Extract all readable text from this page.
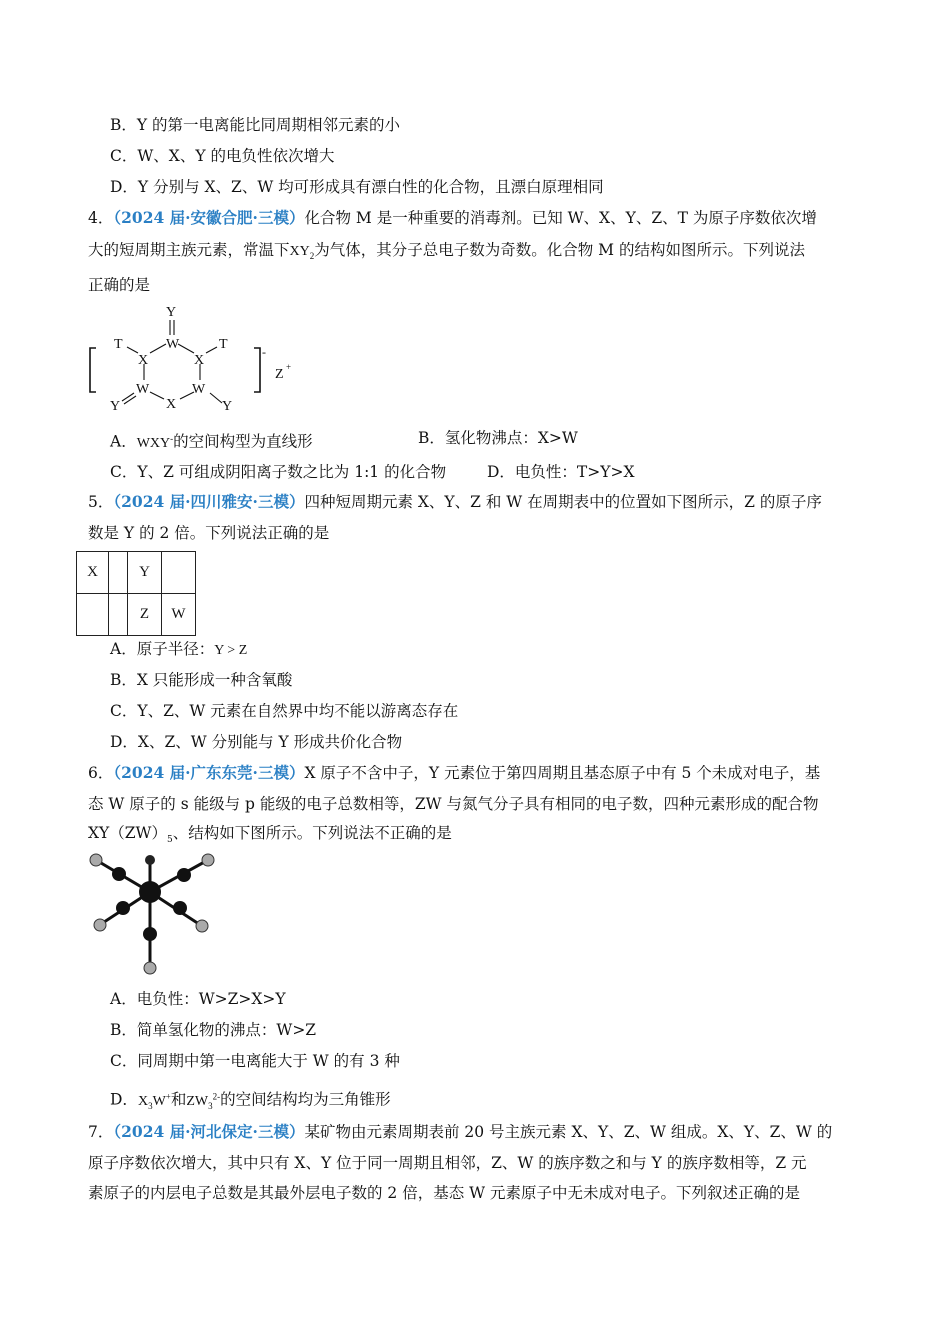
B．Y 的第一电离能比同周期相邻元素的小
C．W、X、Y 的电负性依次增大
D．Y 分别与 X、Z、W 均可形成具有漂白性的化合物，且漂白原理相同
4．（2024 届·安徽合肥·三模）化合物 M 是一种重要的消毒剂。已知 W、X、Y、Z、T 为原子序数依次增
大的短周期主族元素，常温下$XY_2$为气体，其分子总电子数为奇数。化合物 M 的结构如图所示。下列说法
正确的是
Y
W
T	T
X	X
W	W
X
Y	Y
-
Z +
A．WXY-的空间构型为直线形	B．氢化物沸点：X>W
C．Y、Z 可组成阴阳离子数之比为 1:1 的化合物	D．电负性：T>Y>X
5．（2024 届·四川雅安·三模）四种短周期元素 X、Y、Z 和 W 在周期表中的位置如下图所示，Z 的原子序
数是 Y 的 2 倍。下列说法正确的是
X		Y	
		Z	W
A．原子半径：Y > Z
B．X 只能形成一种含氧酸
C．Y、Z、W 元素在自然界中均不能以游离态存在
D．X、Z、W 分别能与 Y 形成共价化合物
6．（2024 届·广东东莞·三模）X 原子不含中子，Y 元素位于第四周期且基态原子中有 5 个未成对电子，基
态 W 原子的 s 能级与 p 能级的电子总数相等，ZW 与氮气分子具有相同的电子数，四种元素形成的配合物
$XY(ZW)_5$、结构如下图所示。下列说法不正确的是
A．电负性：W>Z>X>Y
B．简单氢化物的沸点：W>Z
C．同周期中第一电离能大于 W 的有 3 种
D．$X_3W^+$和$ZW_3^{2-}$的空间结构均为三角锥形
7．（2024 届·河北保定·三模）某矿物由元素周期表前 20 号主族元素 X、Y、Z、W 组成。X、Y、Z、W 的
原子序数依次增大，其中只有 X、Y 位于同一周期且相邻，Z、W 的族序数之和与 Y 的族序数相等，Z 元
素原子的内层电子总数是其最外层电子数的 2 倍，基态 W 元素原子中无未成对电子。下列叙述正确的是
